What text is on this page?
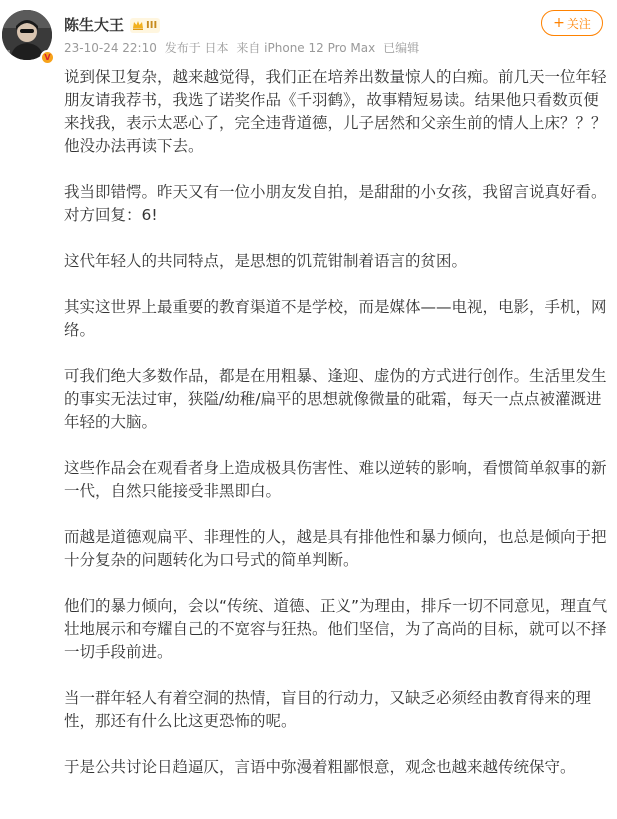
V
陈生大王 III
23-10-24 22:10 发布于 日本 来自 iPhone 12 Pro Max 已编辑
+ 关注

说到保卫复杂，越来越觉得，我们正在培养出数量惊人的白痴。前几天一位年轻朋友请我荐书，我选了诺奖作品《千羽鹤》，故事精短易读。结果他只看数页便来找我，表示太恶心了，完全违背道德，儿子居然和父亲生前的情人上床？？？他没办法再读下去。

我当即错愕。昨天又有一位小朋友发自拍，是甜甜的小女孩，我留言说真好看。对方回复：6!

这代年轻人的共同特点，是思想的饥荒钳制着语言的贫困。

其实这世界上最重要的教育渠道不是学校，而是媒体——电视，电影，手机，网络。

可我们绝大多数作品，都是在用粗暴、逢迎、虚伪的方式进行创作。生活里发生的事实无法过审，狭隘/幼稚/扁平的思想就像微量的砒霜，每天一点点被灌溉进年轻的大脑。

这些作品会在观看者身上造成极具伤害性、难以逆转的影响，看惯简单叙事的新一代，自然只能接受非黑即白。

而越是道德观扁平、非理性的人，越是具有排他性和暴力倾向，也总是倾向于把十分复杂的问题转化为口号式的简单判断。

他们的暴力倾向，会以“传统、道德、正义”为理由，排斥一切不同意见，理直气壮地展示和夸耀自己的不宽容与狂热。他们坚信，为了高尚的目标，就可以不择一切手段前进。

当一群年轻人有着空洞的热情，盲目的行动力，又缺乏必须经由教育得来的理性，那还有什么比这更恐怖的呢。

于是公共讨论日趋逼仄，言语中弥漫着粗鄙恨意，观念也越来越传统保守。
